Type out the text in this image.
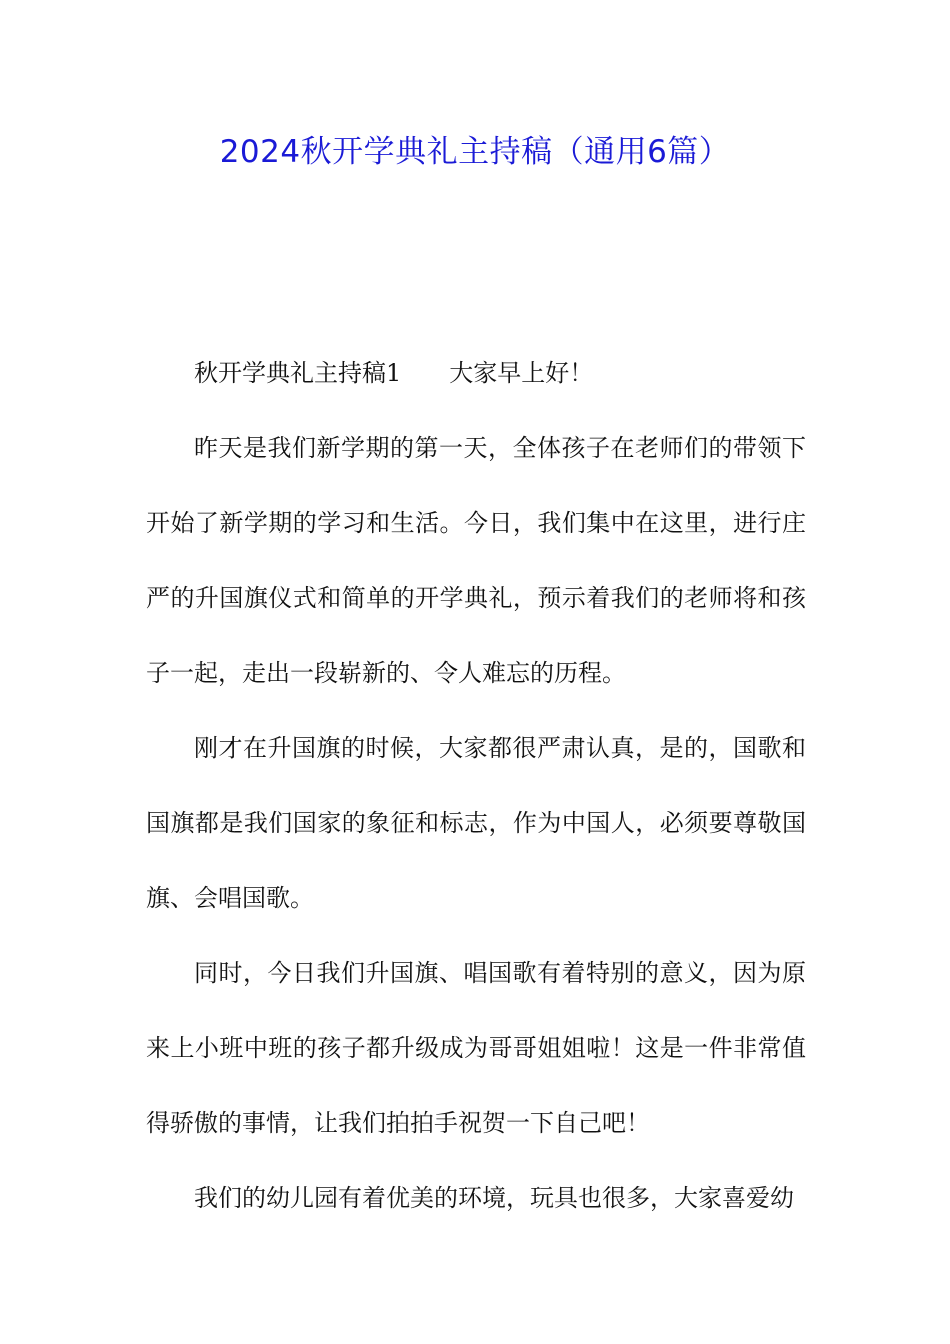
2024秋开学典礼主持稿（通用6篇）

秋开学典礼主持稿1 大家早上好！

昨天是我们新学期的第一天，全体孩子在老师们的带领下开始了新学期的学习和生活。今日，我们集中在这里，进行庄严的升国旗仪式和简单的开学典礼，预示着我们的老师将和孩子一起，走出一段崭新的、令人难忘的历程。

刚才在升国旗的时候，大家都很严肃认真，是的，国歌和国旗都是我们国家的象征和标志，作为中国人，必须要尊敬国旗、会唱国歌。

同时，今日我们升国旗、唱国歌有着特别的意义，因为原来上小班中班的孩子都升级成为哥哥姐姐啦！这是一件非常值得骄傲的事情，让我们拍拍手祝贺一下自己吧！

我们的幼儿园有着优美的环境，玩具也很多，大家喜爱幼
